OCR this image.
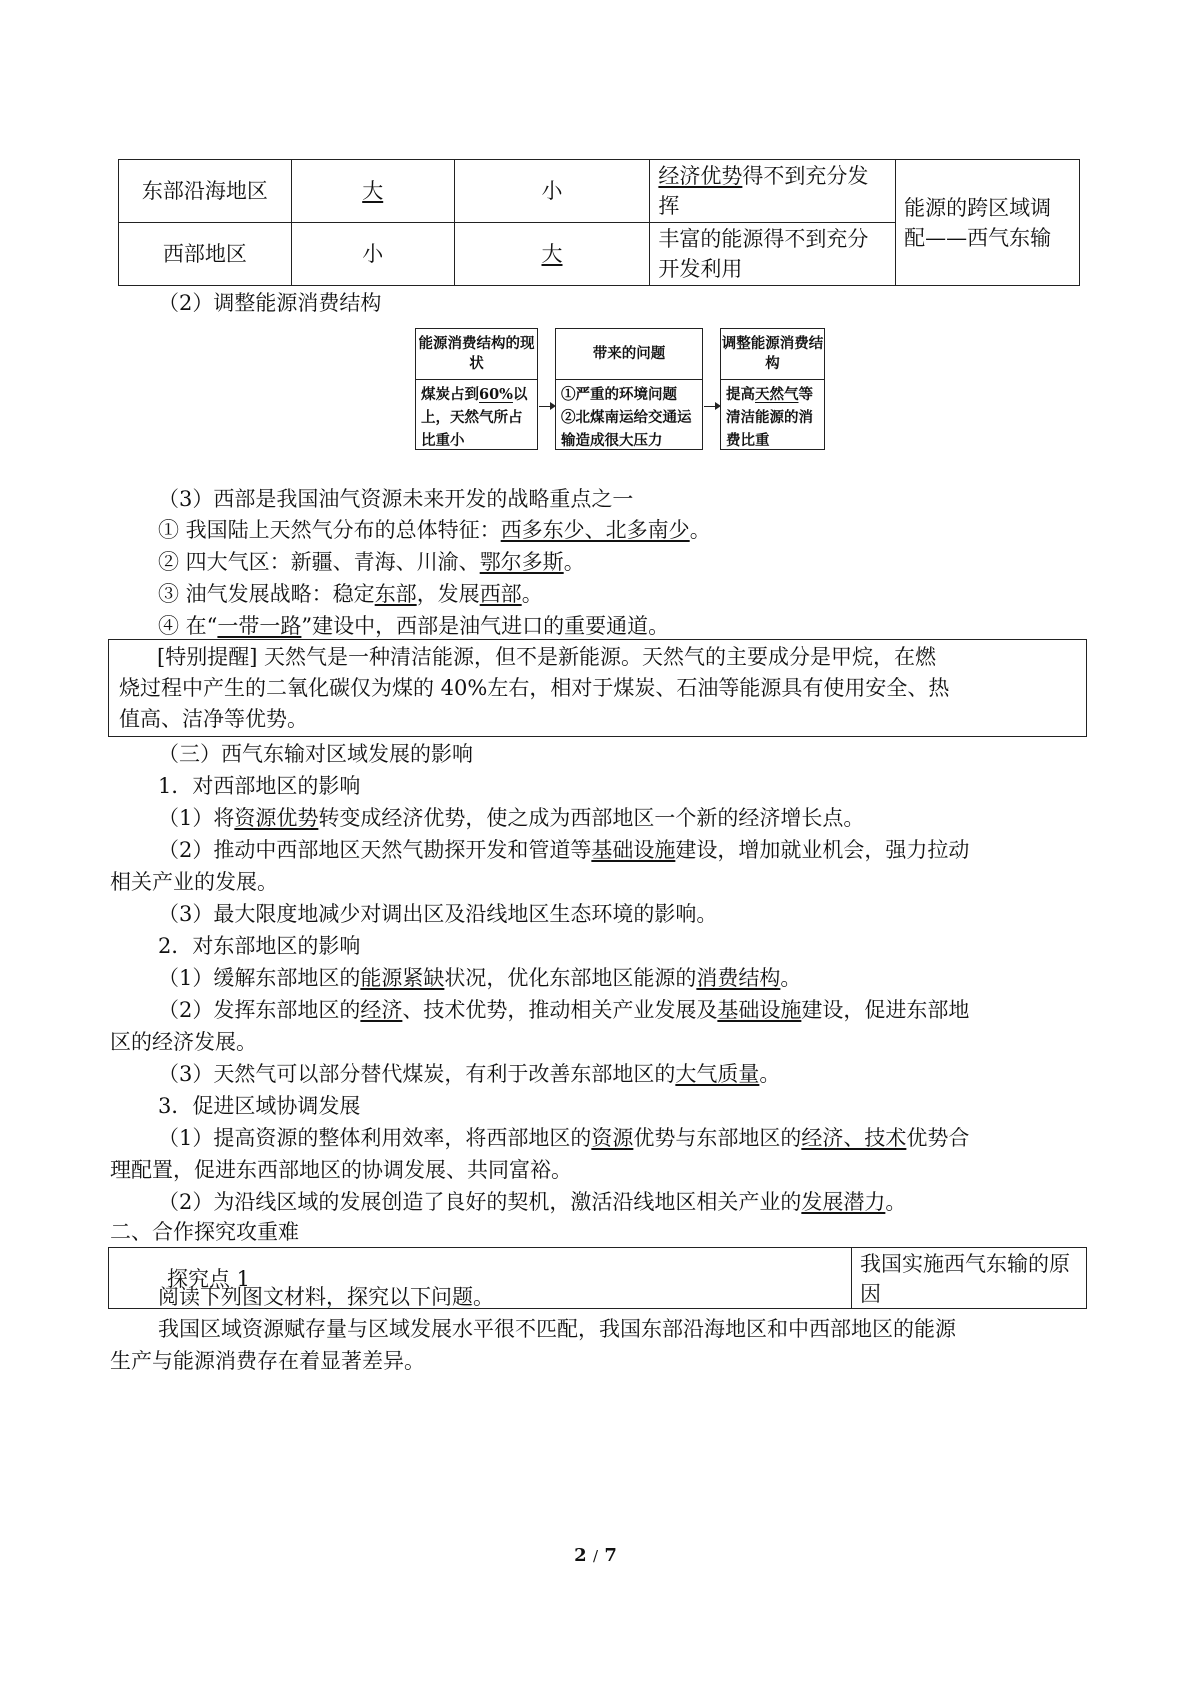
东部沿海地区	大	小	经济优势得不到充分发挥	能源的跨区域调配——西气东输
西部地区	小	大	丰富的能源得不到充分开发利用	
（2）调整能源消费结构
能源消费结构的现状
煤炭占到60%以上，天然气所占比重小
带来的问题
①严重的环境问题
②北煤南运给交通运输造成很大压力
调整能源消费结构
提高天然气等清洁能源的消费比重
（3）西部是我国油气资源未来开发的战略重点之一
① 我国陆上天然气分布的总体特征：西多东少、北多南少。
② 四大气区：新疆、青海、川渝、鄂尔多斯。
③ 油气发展战略：稳定东部，发展西部。
④ 在“一带一路”建设中，西部是油气进口的重要通道。

[特别提醒] 天然气是一种清洁能源，但不是新能源。天然气的主要成分是甲烷，在燃

烧过程中产生的二氧化碳仅为煤的 40%左右，相对于煤炭、石油等能源具有使用安全、热

值高、洁净等优势。

（三）西气东输对区域发展的影响
1．对西部地区的影响
（1）将资源优势转变成经济优势，使之成为西部地区一个新的经济增长点。
（2）推动中西部地区天然气勘探开发和管道等基础设施建设，增加就业机会，强力拉动
相关产业的发展。
（3）最大限度地减少对调出区及沿线地区生态环境的影响。
2．对东部地区的影响
（1）缓解东部地区的能源紧缺状况，优化东部地区能源的消费结构。
（2）发挥东部地区的经济、技术优势，推动相关产业发展及基础设施建设，促进东部地
区的经济发展。
（3）天然气可以部分替代煤炭，有利于改善东部地区的大气质量。
3．促进区域协调发展
（1）提高资源的整体利用效率，将西部地区的资源优势与东部地区的经济、技术优势合
理配置，促进东西部地区的协调发展、共同富裕。
（2）为沿线区域的发展创造了良好的契机，激活沿线地区相关产业的发展潜力。
二、合作探究攻重难
探究点 1	我国实施西气东输的原因
阅读下列图文材料，探究以下问题。
我国区域资源赋存量与区域发展水平很不匹配，我国东部沿海地区和中西部地区的能源
生产与能源消费存在着显著差异。
2 / 7
